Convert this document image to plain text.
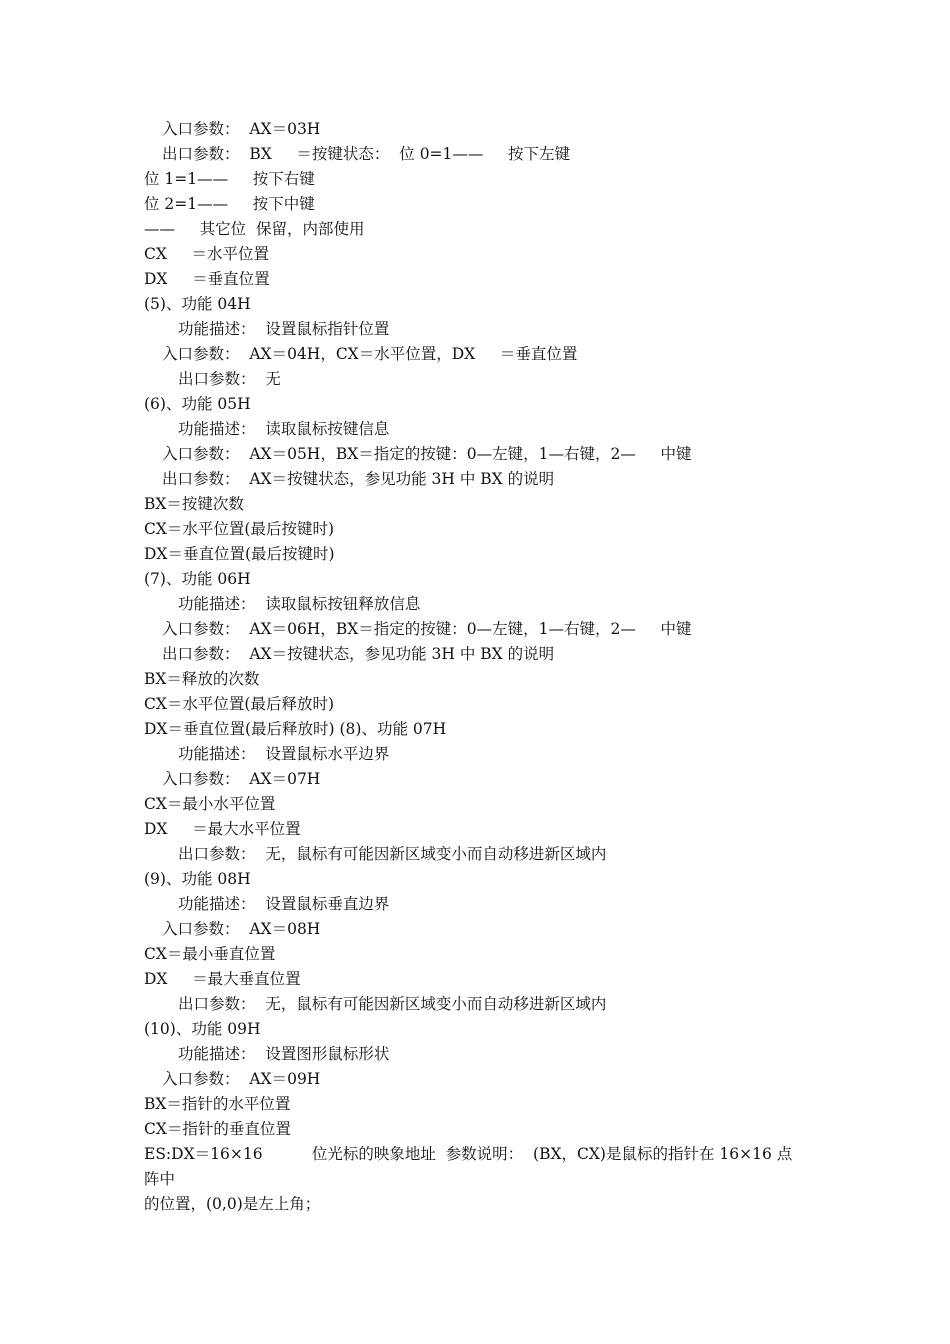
入口参数：  AX＝03H
出口参数：  BX     ＝按键状态：  位 0=1——     按下左键
位 1=1——     按下右键
位 2=1——     按下中键
——     其它位  保留，内部使用
CX     ＝水平位置
DX     ＝垂直位置
(5)、功能 04H
功能描述：  设置鼠标指针位置
入口参数：  AX＝04H，CX＝水平位置，DX     ＝垂直位置
出口参数：  无
(6)、功能 05H
功能描述：  读取鼠标按键信息
入口参数：  AX＝05H，BX＝指定的按键：0—左键，1—右键，2—     中键
出口参数：  AX＝按键状态，参见功能 3H 中 BX 的说明
BX＝按键次数
CX＝水平位置(最后按键时)
DX＝垂直位置(最后按键时)
(7)、功能 06H
功能描述：  读取鼠标按钮释放信息
入口参数：  AX＝06H，BX＝指定的按键：0—左键，1—右键，2—     中键
出口参数：  AX＝按键状态，参见功能 3H 中 BX 的说明
BX＝释放的次数
CX＝水平位置(最后释放时)
DX＝垂直位置(最后释放时) (8)、功能 07H
功能描述：  设置鼠标水平边界
入口参数：  AX＝07H
CX＝最小水平位置
DX     ＝最大水平位置
出口参数：  无，鼠标有可能因新区域变小而自动移进新区域内
(9)、功能 08H
功能描述：  设置鼠标垂直边界
入口参数：  AX＝08H
CX＝最小垂直位置
DX     ＝最大垂直位置
出口参数：  无，鼠标有可能因新区域变小而自动移进新区域内
(10)、功能 09H
功能描述：  设置图形鼠标形状
入口参数：  AX＝09H
BX＝指针的水平位置
CX＝指针的垂直位置
ES:DX＝16×16          位光标的映象地址  参数说明：  (BX，CX)是鼠标的指针在 16×16 点
阵中
的位置，(0,0)是左上角；
